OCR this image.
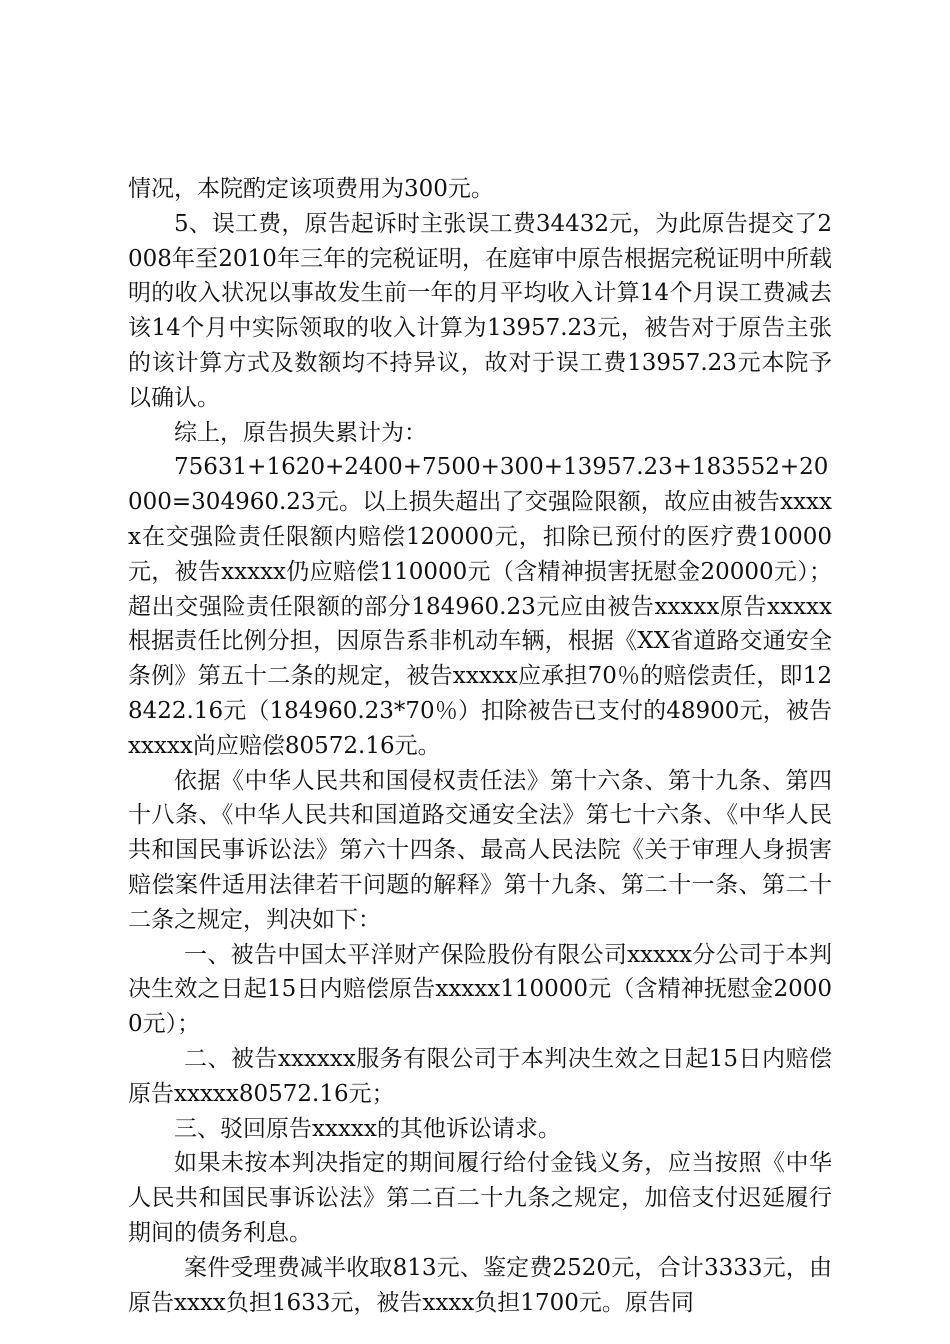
情况，本院酌定该项费用为300元。

5、误工费，原告起诉时主张误工费34432元，为此原告提交了2008年至2010年三年的完税证明，在庭审中原告根据完税证明中所载明的收入状况以事故发生前一年的月平均收入计算14个月误工费减去该14个月中实际领取的收入计算为13957.23元，被告对于原告主张的该计算方式及数额均不持异议，故对于误工费13957.23元本院予以确认。

综上，原告损失累计为：

75631+1620+2400+7500+300+13957.23+183552+20000=304960.23元。以上损失超出了交强险限额，故应由被告xxxxx在交强险责任限额内赔偿120000元，扣除已预付的医疗费10000元，被告xxxxx仍应赔偿110000元（含精神损害抚慰金20000元）；超出交强险责任限额的部分184960.23元应由被告xxxxx原告xxxxx根据责任比例分担，因原告系非机动车辆，根据《XX省道路交通安全条例》第五十二条的规定，被告xxxxx应承担70％的赔偿责任，即128422.16元（184960.23*70％）扣除被告已支付的48900元，被告xxxxx尚应赔偿80572.16元。

依据《中华人民共和国侵权责任法》第十六条、第十九条、第四十八条、《中华人民共和国道路交通安全法》第七十六条、《中华人民共和国民事诉讼法》第六十四条、最高人民法院《关于审理人身损害赔偿案件适用法律若干问题的解释》第十九条、第二十一条、第二十二条之规定，判决如下：

一、被告中国太平洋财产保险股份有限公司xxxxx分公司于本判决生效之日起15日内赔偿原告xxxxx110000元（含精神抚慰金20000元）；

二、被告xxxxxx服务有限公司于本判决生效之日起15日内赔偿原告xxxxx80572.16元；

三、驳回原告xxxxx的其他诉讼请求。

如果未按本判决指定的期间履行给付金钱义务，应当按照《中华人民共和国民事诉讼法》第二百二十九条之规定，加倍支付迟延履行期间的债务利息。

案件受理费减半收取813元、鉴定费2520元，合计3333元，由原告xxxx负担1633元，被告xxxx负担1700元。原告同
